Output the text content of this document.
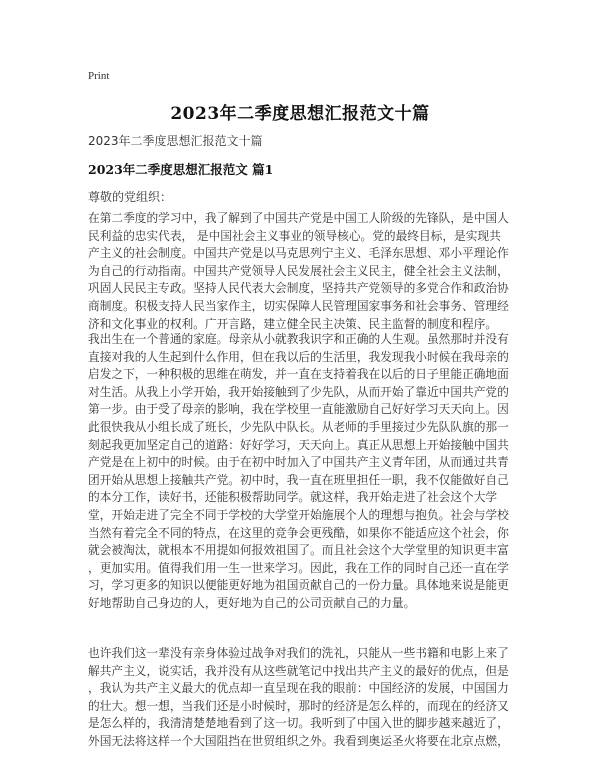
Print
2023年二季度思想汇报范文十篇
2023年二季度思想汇报范文十篇
2023年二季度思想汇报范文 篇1
尊敬的党组织：
在第二季度的学习中，我了解到了中国共产党是中国工人阶级的先锋队，是中国人
民利益的忠实代表， 是中国社会主义事业的领导核心。党的最终目标，是实现共
产主义的社会制度。中国共产党是以马克思列宁主义、毛泽东思想、邓小平理论作
为自己的行动指南。中国共产党领导人民发展社会主义民主，健全社会主义法制，
巩固人民民主专政。坚持人民代表大会制度，坚持共产党领导的多党合作和政治协
商制度。积极支持人民当家作主，切实保障人民管理国家事务和社会事务、管理经
济和文化事业的权利。广开言路，建立健全民主决策、民主监督的制度和程序。
我出生在一个普通的家庭。母亲从小就教我识字和正确的人生观。虽然那时并没有
直接对我的人生起到什么作用，但在我以后的生活里，我发现我小时候在我母亲的
启发之下，一种积极的思维在萌发，并一直在支持着我在以后的日子里能正确地面
对生活。从我上小学开始，我开始接触到了少先队，从而开始了靠近中国共产党的
第一步。由于受了母亲的影响，我在学校里一直能激励自己好好学习天天向上。因
此很快我从小组长成了班长，少先队中队长。从老师的手里接过少先队队旗的那一
刻起我更加坚定自己的道路：好好学习，天天向上。真正从思想上开始接触中国共
产党是在上初中的时候。由于在初中时加入了中国共产主义青年团，从而通过共青
团开始从思想上接触共产党。初中时，我一直在班里担任一职，我不仅能做好自己
的本分工作，读好书，还能积极帮助同学。就这样，我开始走进了社会这个大学
堂，开始走进了完全不同于学校的大学堂开始施展个人的理想与抱负。社会与学校
当然有着完全不同的特点，在这里的竞争会更残酷，如果你不能适应这个社会，你
就会被淘汰，就根本不用提如何报效祖国了。而且社会这个大学堂里的知识更丰富
，更加实用。值得我们用一生一世来学习。因此，我在工作的同时自己还一直在学
习，学习更多的知识以便能更好地为祖国贡献自己的一份力量。具体地来说是能更
好地帮助自己身边的人，更好地为自己的公司贡献自己的力量。
也许我们这一辈没有亲身体验过战争对我们的洗礼，只能从一些书籍和电影上来了
解共产主义，说实话，我并没有从这些就笔记中找出共产主义的最好的优点，但是
，我认为共产主义最大的优点却一直呈现在我的眼前：中国经济的发展，中国国力
的壮大。想一想，当我们还是小时候时，那时的经济是怎么样的，而现在的经济又
是怎么样的，我清清楚楚地看到了这一切。我听到了中国入世的脚步越来越近了，
外国无法将这样一个大国阻挡在世贸组织之外。我看到奥运圣火将要在北京点燃，
